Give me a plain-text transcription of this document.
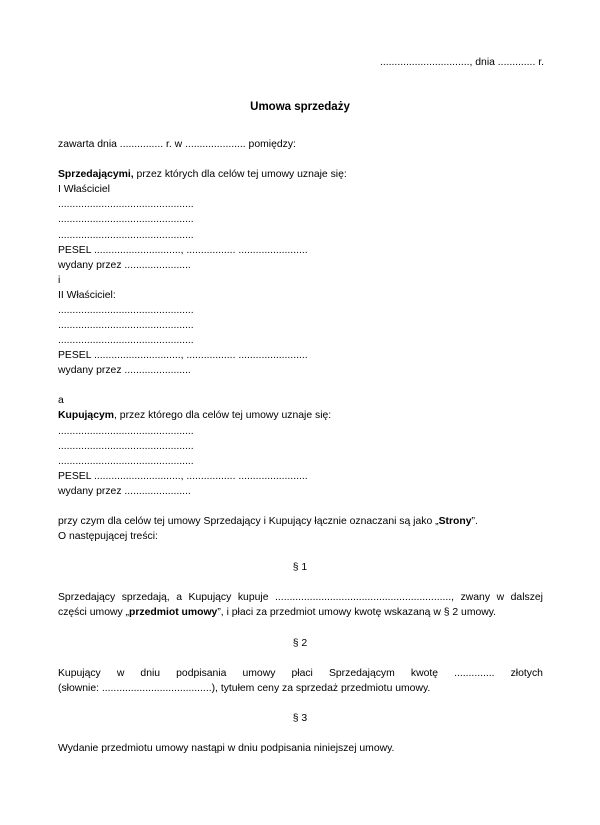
..............................., dnia ............. r.
Umowa sprzedaży
zawarta dnia ............... r. w ..................... pomiędzy:
Sprzedającymi, przez których dla celów tej umowy uznaje się:
I Właściciel
...............................................
...............................................
...............................................
PESEL .............................., ................. ........................
wydany przez .......................
i
II Właściciel:
...............................................
...............................................
...............................................
PESEL .............................., ................. ........................
wydany przez .......................
a
Kupującym, przez którego dla celów tej umowy uznaje się:
...............................................
...............................................
...............................................
PESEL .............................., ................. ........................
wydany przez .......................
przy czym dla celów tej umowy Sprzedający i Kupujący łącznie oznaczani są jako „Strony”.
O następującej treści:
§ 1
Sprzedający sprzedają, a Kupujący kupuje ............................................................., zwany w dalszej części umowy „przedmiot umowy”, i płaci za przedmiot umowy kwotę wskazaną w § 2 umowy.
§ 2
Kupujący w dniu podpisania umowy płaci Sprzedającym kwotę .............. złotych
(słownie: ......................................), tytułem ceny za sprzedaż przedmiotu umowy.
§ 3
Wydanie przedmiotu umowy nastąpi w dniu podpisania niniejszej umowy.
